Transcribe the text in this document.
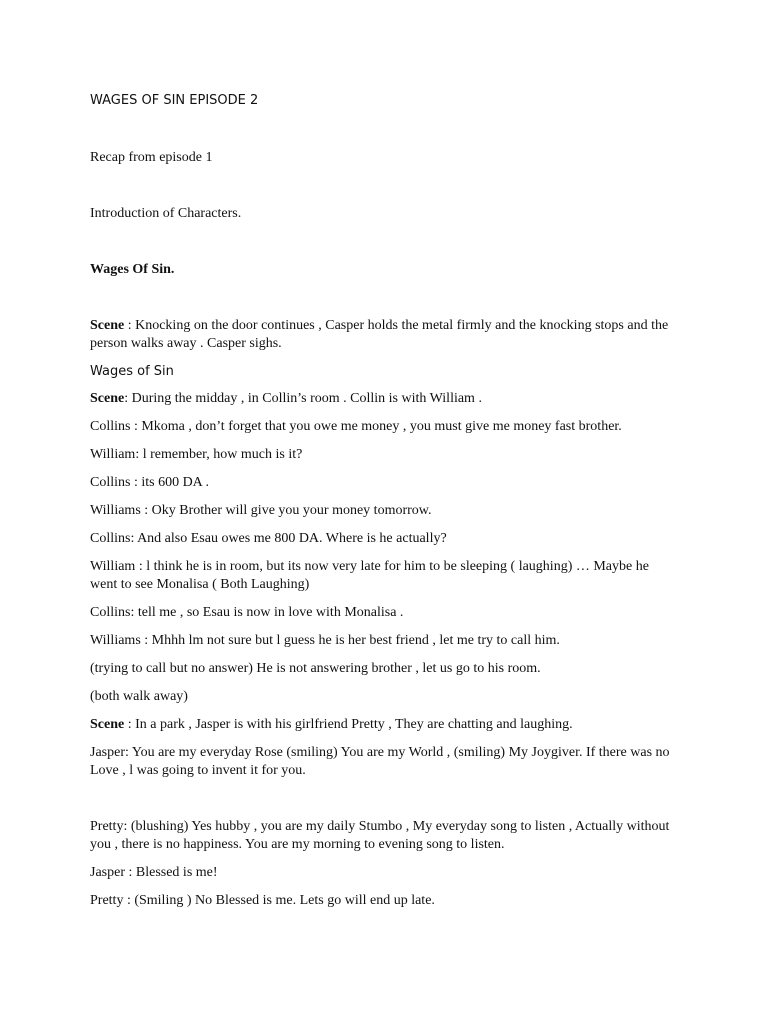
WAGES OF SIN EPISODE 2

Recap from episode 1

Introduction of Characters.

Wages Of Sin.

Scene : Knocking on the door continues , Casper holds the metal firmly and the knocking stops and the person walks away . Casper sighs.

Wages of Sin

Scene: During the midday , in Collin’s room . Collin is with William .

Collins : Mkoma , don’t forget that you owe me money , you must give me money fast brother.

William: l remember, how much is it?

Collins : its 600 DA .

Williams : Oky Brother will give you your money tomorrow.

Collins: And also Esau owes me 800 DA. Where is he actually?

William : l think he is in room, but its now very late for him to be sleeping ( laughing) … Maybe he went to see Monalisa ( Both Laughing)

Collins: tell me , so Esau is now in love with Monalisa .

Williams : Mhhh lm not sure but l guess he is her best friend , let me try to call him.

(trying to call but no answer) He is not answering brother , let us go to his room.

(both walk away)

Scene : In a park , Jasper is with his girlfriend Pretty , They are chatting and laughing.

Jasper: You are my everyday Rose (smiling) You are my World , (smiling) My Joygiver. If there was no Love , l was going to invent it for you.

Pretty: (blushing) Yes hubby , you are my daily Stumbo , My everyday song to listen , Actually without you , there is no happiness. You are my morning to evening song to listen.

Jasper : Blessed is me!

Pretty : (Smiling ) No Blessed is me. Lets go will end up late.
